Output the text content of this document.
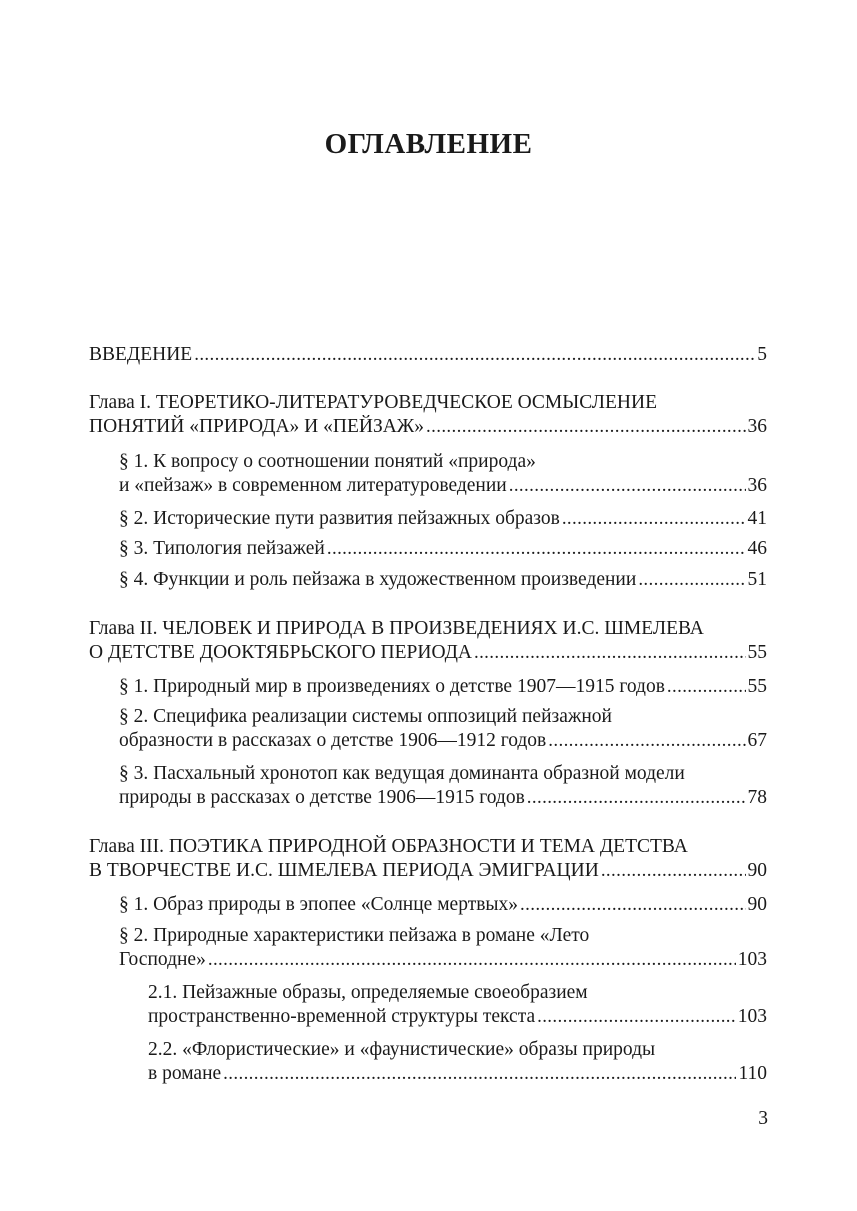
ОГЛАВЛЕНИЕ
ВВЕДЕНИЕ . . .	5
Глава I. ТЕОРЕТИКО-ЛИТЕРАТУРОВЕДЧЕСКОЕ ОСМЫСЛЕНИЕ
ПОНЯТИЙ «ПРИРОДА» И «ПЕЙЗАЖ» . . .	36
§ 1. К вопросу о соотношении понятий «природа»
и «пейзаж» в современном литературоведении . . .	36
§ 2. Исторические пути развития пейзажных образов . . .	41
§ 3. Типология пейзажей . . .	46
§ 4. Функции и роль пейзажа в художественном произведении . . .	51
Глава II. ЧЕЛОВЕК И ПРИРОДА В ПРОИЗВЕДЕНИЯХ И.С. ШМЕЛЕВА
О ДЕТСТВЕ ДООКТЯБРЬСКОГО ПЕРИОДА . . .	55
§ 1. Природный мир в произведениях о детстве 1907—1915 годов . . .	55
§ 2. Специфика реализации системы оппозиций пейзажной
образности в рассказах о детстве 1906—1912 годов . . .	67
§ 3. Пасхальный хронотоп как ведущая доминанта образной модели
природы в рассказах о детстве 1906—1915 годов . . .	78
Глава III. ПОЭТИКА ПРИРОДНОЙ ОБРАЗНОСТИ И ТЕМА ДЕТСТВА
В ТВОРЧЕСТВЕ И.С. ШМЕЛЕВА ПЕРИОДА ЭМИГРАЦИИ . . .	90
§ 1. Образ природы в эпопее «Солнце мертвых» . . .	90
§ 2. Природные характеристики пейзажа в романе «Лето
Господне» . . .	103
2.1. Пейзажные образы, определяемые своеобразием
пространственно-временной структуры текста . . .	103
2.2. «Флористические» и «фаунистические» образы природы
в романе . . .	110
3
